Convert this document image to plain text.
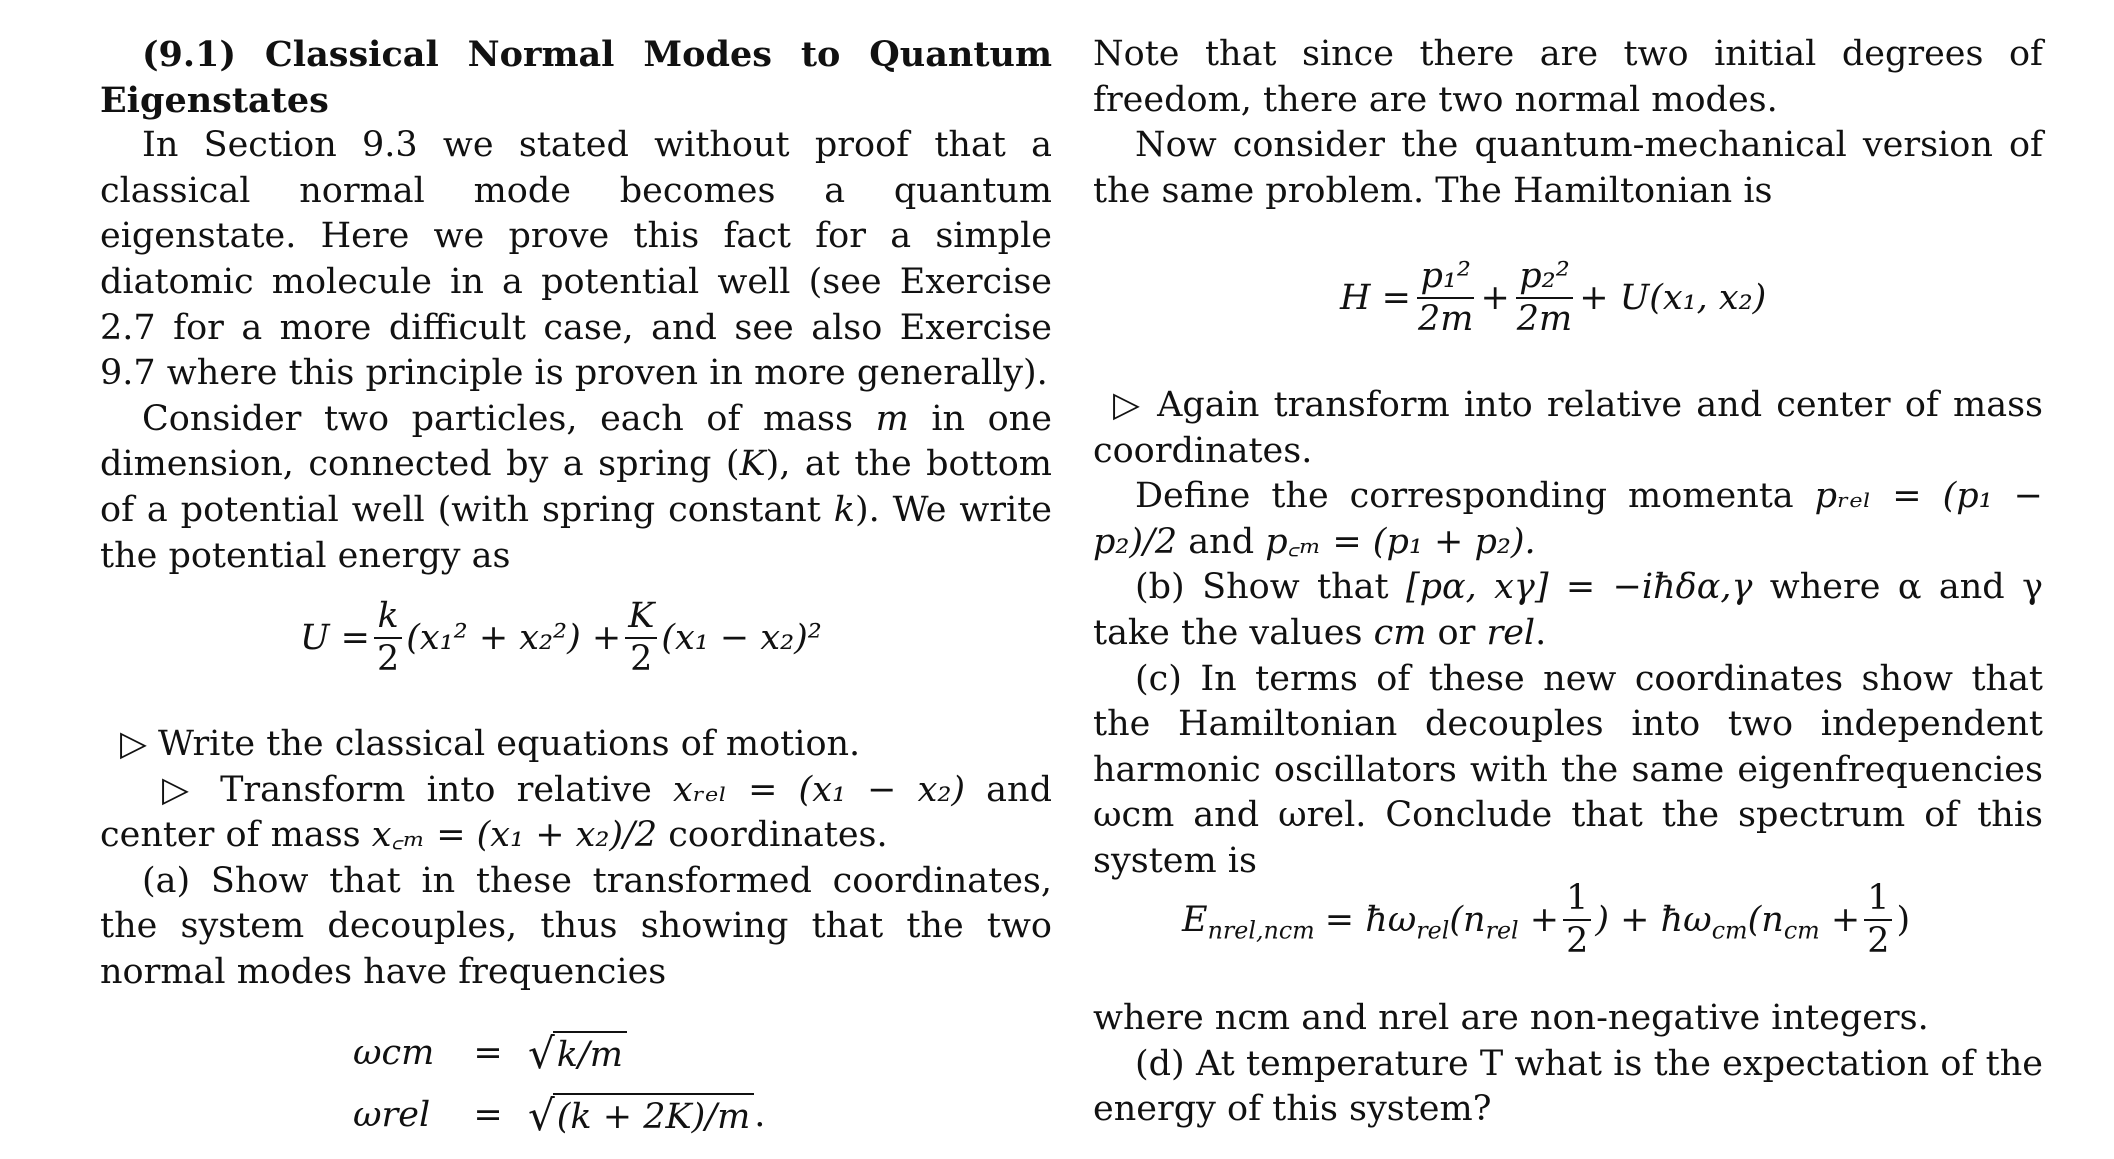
(9.1) Classical Normal Modes to Quantum Eigenstates

In Section 9.3 we stated without proof that a classical normal mode becomes a quantum eigenstate. Here we prove this fact for a simple diatomic molecule in a potential well (see Exercise 2.7 for a more difficult case, and see also Exercise 9.7 where this principle is proven in more generally).

Consider two particles, each of mass m in one dimension, connected by a spring (K), at the bottom of a potential well (with spring constant k). We write the potential energy as

$U = \frac{k}{2} (x_1^2 + x_2^2) + \frac{K}{2} (x_1 - x_2)^2$

▷ Write the classical equations of motion.

▷ Transform into relative xᵣₑₗ = (x₁ − x₂) and center of mass x꜀ₘ = (x₁ + x₂)/2 coordinates.

(a) Show that in these transformed coordinates, the system decouples, thus showing that the two normal modes have frequencies

ωcm	= √ k/m
ωrel	= √ (k + 2K)/m .

Note that since there are two initial degrees of freedom, there are two normal modes.

Now consider the quantum-mechanical version of the same problem. The Hamiltonian is

$H = \frac{\text{p₁²}}{2m} + \frac{\text{p₂²}}{2m} + U(x_1$, x₂)

▷ Again transform into relative and center of mass coordinates.

Define the corresponding momenta pᵣₑₗ = (p₁ − p₂)/2 and p꜀ₘ = (p₁ + p₂).

(b) Show that [pα, xγ] = −iħδα,γ where α and γ take the values cm or rel.

(c) In terms of these new coordinates show that the Hamiltonian decouples into two independent harmonic oscillators with the same eigenfrequencies ωcm and ωrel. Conclude that the spectrum of this system is

$E_{nrel,ncm}$ = $ħ\omega_{rel}(n_{rel} + \frac{1}{2}$ ) + $ħ\omega_{cm}(n_{cm} + \frac{1}{2}$ )

where ncm and nrel are non-negative integers.

(d) At temperature T what is the expectation of the energy of this system?
